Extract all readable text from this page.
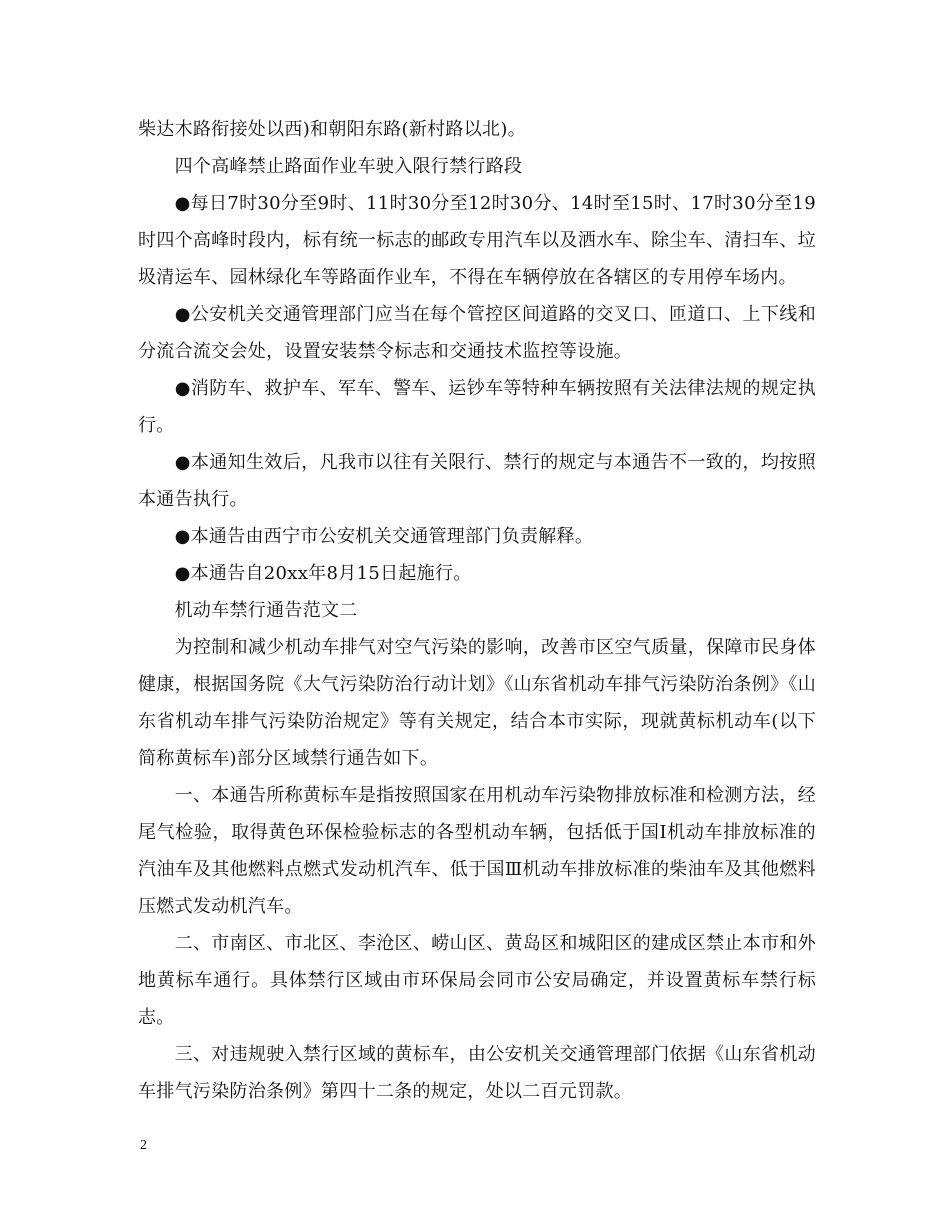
柴达木路衔接处以西)和朝阳东路(新村路以北)。

　　四个高峰禁止路面作业车驶入限行禁行路段

　　●每日7时30分至9时、11时30分至12时30分、14时至15时、17时30分至19时四个高峰时段内，标有统一标志的邮政专用汽车以及洒水车、除尘车、清扫车、垃圾清运车、园林绿化车等路面作业车，不得在车辆停放在各辖区的专用停车场内。

　　●公安机关交通管理部门应当在每个管控区间道路的交叉口、匝道口、上下线和分流合流交会处，设置安装禁令标志和交通技术监控等设施。

　　●消防车、救护车、军车、警车、运钞车等特种车辆按照有关法律法规的规定执行。

　　●本通知生效后，凡我市以往有关限行、禁行的规定与本通告不一致的，均按照本通告执行。

　　●本通告由西宁市公安机关交通管理部门负责解释。

　　●本通告自20xx年8月15日起施行。

　　机动车禁行通告范文二

　　为控制和减少机动车排气对空气污染的影响，改善市区空气质量，保障市民身体健康，根据国务院《大气污染防治行动计划》《山东省机动车排气污染防治条例》《山东省机动车排气污染防治规定》等有关规定，结合本市实际，现就黄标机动车(以下简称黄标车)部分区域禁行通告如下。

　　一、本通告所称黄标车是指按照国家在用机动车污染物排放标准和检测方法，经尾气检验，取得黄色环保检验标志的各型机动车辆，包括低于国Ⅰ机动车排放标准的汽油车及其他燃料点燃式发动机汽车、低于国Ⅲ机动车排放标准的柴油车及其他燃料压燃式发动机汽车。

　　二、市南区、市北区、李沧区、崂山区、黄岛区和城阳区的建成区禁止本市和外地黄标车通行。具体禁行区域由市环保局会同市公安局确定，并设置黄标车禁行标志。

　　三、对违规驶入禁行区域的黄标车，由公安机关交通管理部门依据《山东省机动车排气污染防治条例》第四十二条的规定，处以二百元罚款。

2
